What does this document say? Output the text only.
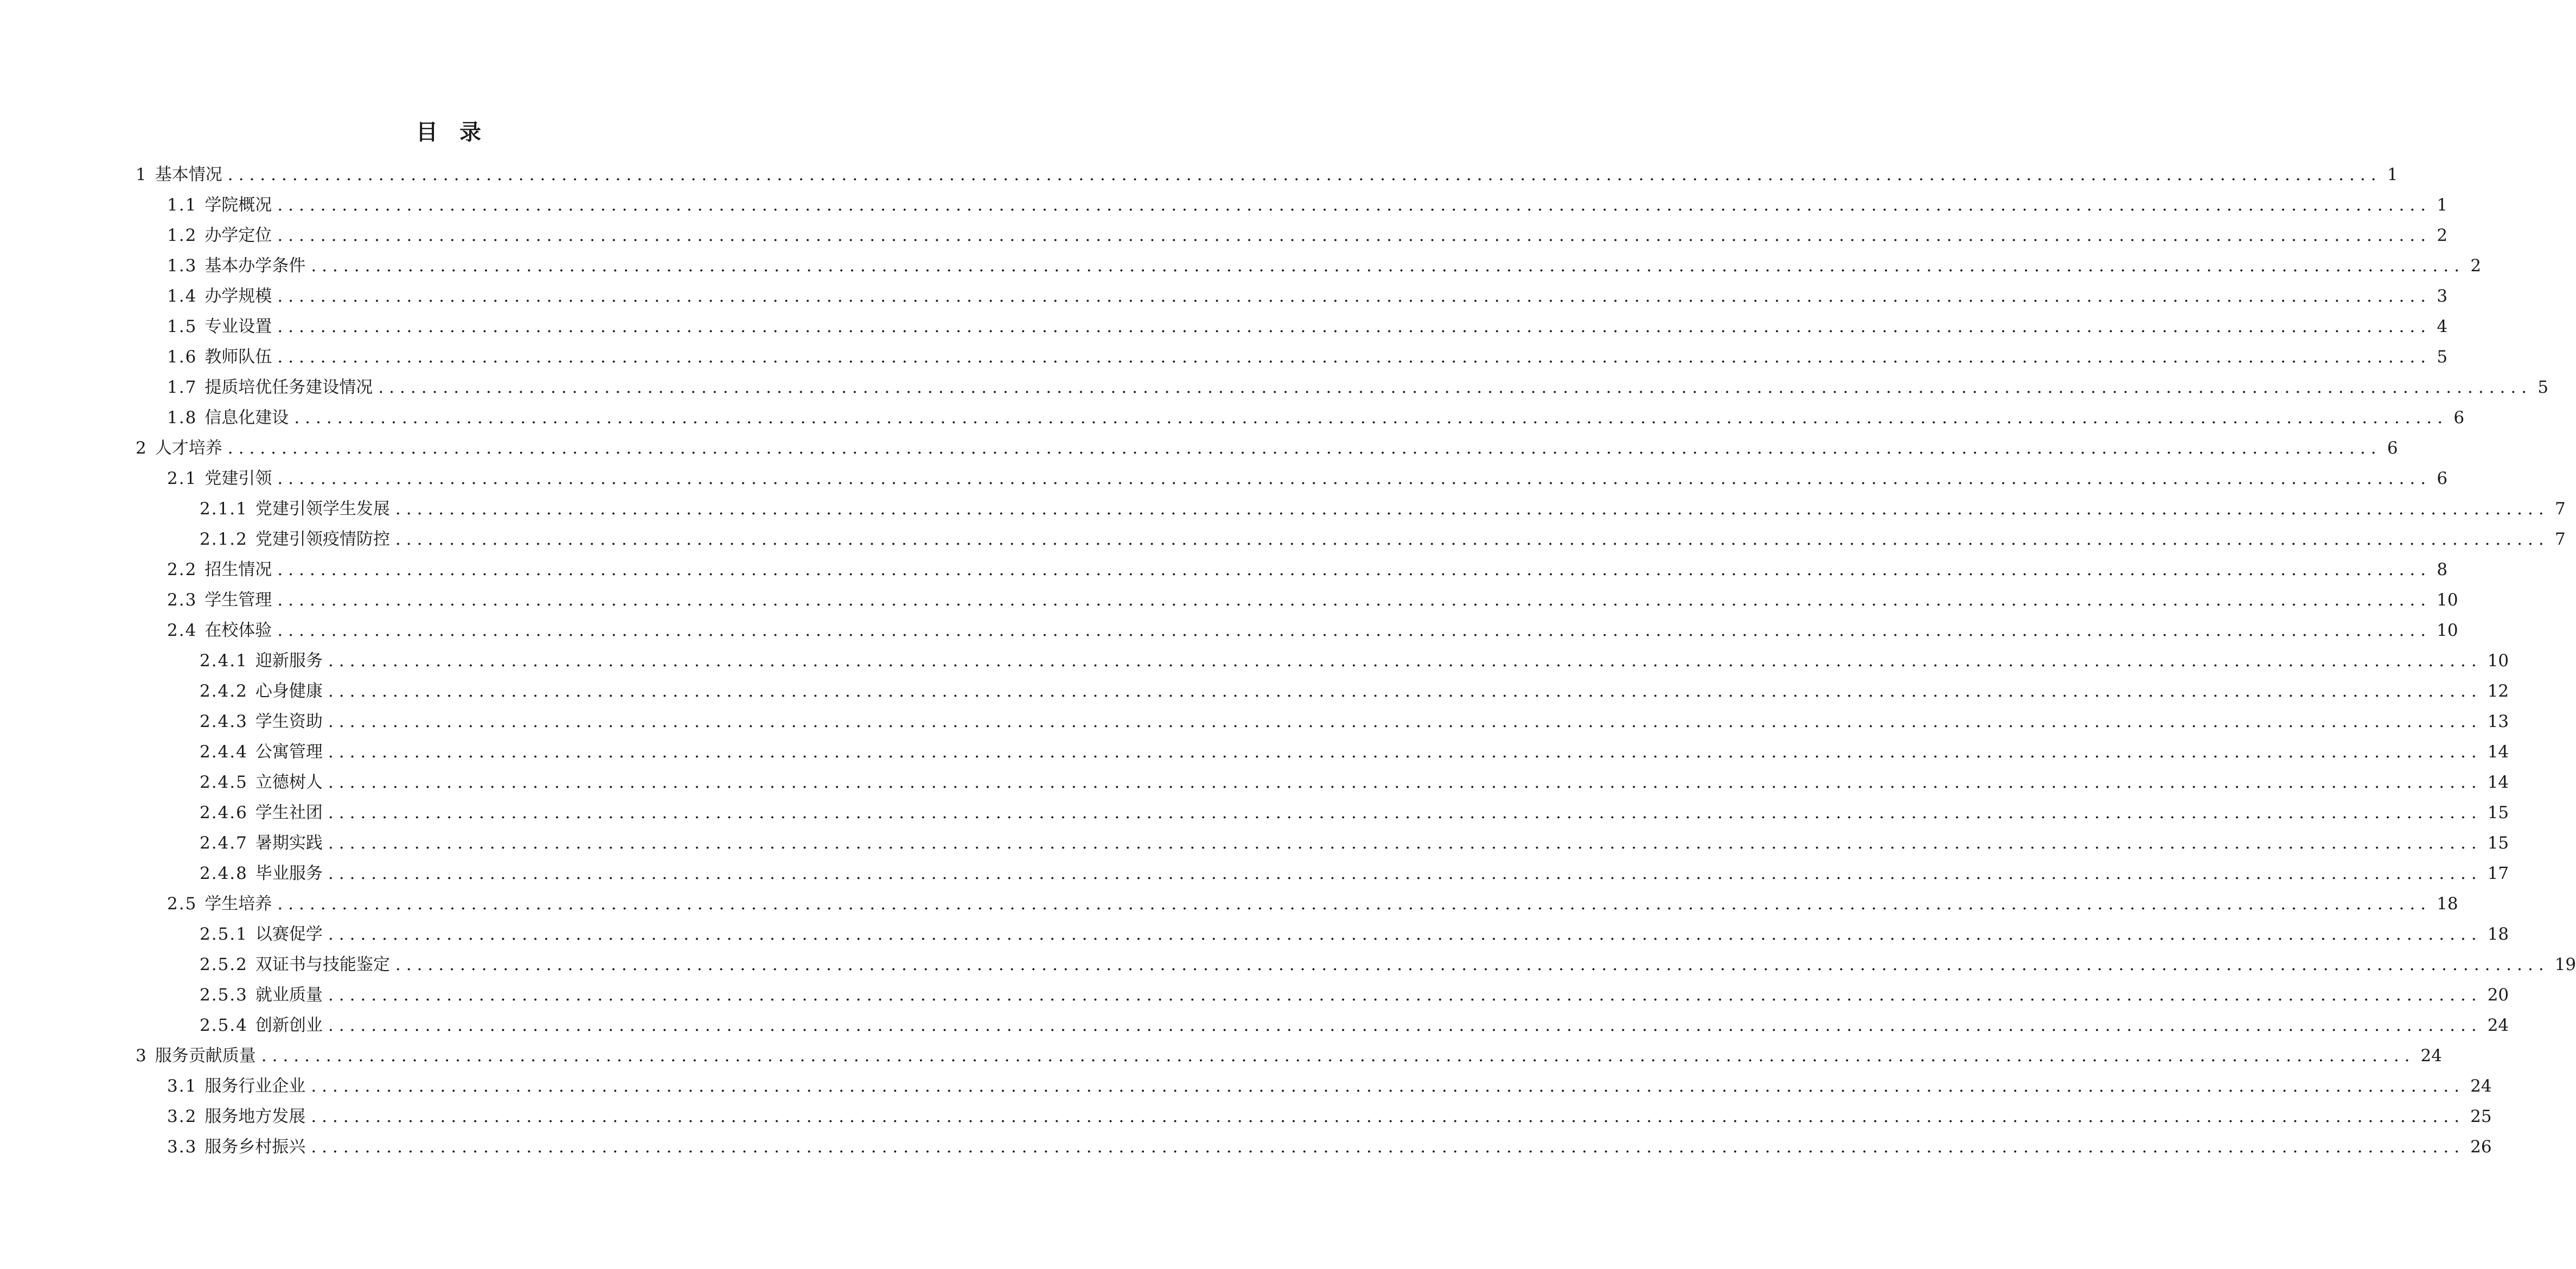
目录
1 基本情况 ........................................................................................................................................................................................................ 1
1.1 学院概况 ........................................................................................................................................................................................................ 1
1.2 办学定位 ........................................................................................................................................................................................................ 2
1.3 基本办学条件 ........................................................................................................................................................................................................ 2
1.4 办学规模 ........................................................................................................................................................................................................ 3
1.5 专业设置 ........................................................................................................................................................................................................ 4
1.6 教师队伍 ........................................................................................................................................................................................................ 5
1.7 提质培优任务建设情况 ........................................................................................................................................................................................................ 5
1.8 信息化建设 ........................................................................................................................................................................................................ 6
2 人才培养 ........................................................................................................................................................................................................ 6
2.1 党建引领 ........................................................................................................................................................................................................ 6
2.1.1 党建引领学生发展 ........................................................................................................................................................................................................ 7
2.1.2 党建引领疫情防控 ........................................................................................................................................................................................................ 7
2.2 招生情况 ........................................................................................................................................................................................................ 8
2.3 学生管理 ........................................................................................................................................................................................................ 10
2.4 在校体验 ........................................................................................................................................................................................................ 10
2.4.1 迎新服务 ........................................................................................................................................................................................................ 10
2.4.2 心身健康 ........................................................................................................................................................................................................ 12
2.4.3 学生资助 ........................................................................................................................................................................................................ 13
2.4.4 公寓管理 ........................................................................................................................................................................................................ 14
2.4.5 立德树人 ........................................................................................................................................................................................................ 14
2.4.6 学生社团 ........................................................................................................................................................................................................ 15
2.4.7 暑期实践 ........................................................................................................................................................................................................ 15
2.4.8 毕业服务 ........................................................................................................................................................................................................ 17
2.5 学生培养 ........................................................................................................................................................................................................ 18
2.5.1 以赛促学 ........................................................................................................................................................................................................ 18
2.5.2 双证书与技能鉴定 ........................................................................................................................................................................................................ 19
2.5.3 就业质量 ........................................................................................................................................................................................................ 20
2.5.4 创新创业 ........................................................................................................................................................................................................ 24
3 服务贡献质量 ........................................................................................................................................................................................................ 24
3.1 服务行业企业 ........................................................................................................................................................................................................ 24
3.2 服务地方发展 ........................................................................................................................................................................................................ 25
3.3 服务乡村振兴 ........................................................................................................................................................................................................ 26
